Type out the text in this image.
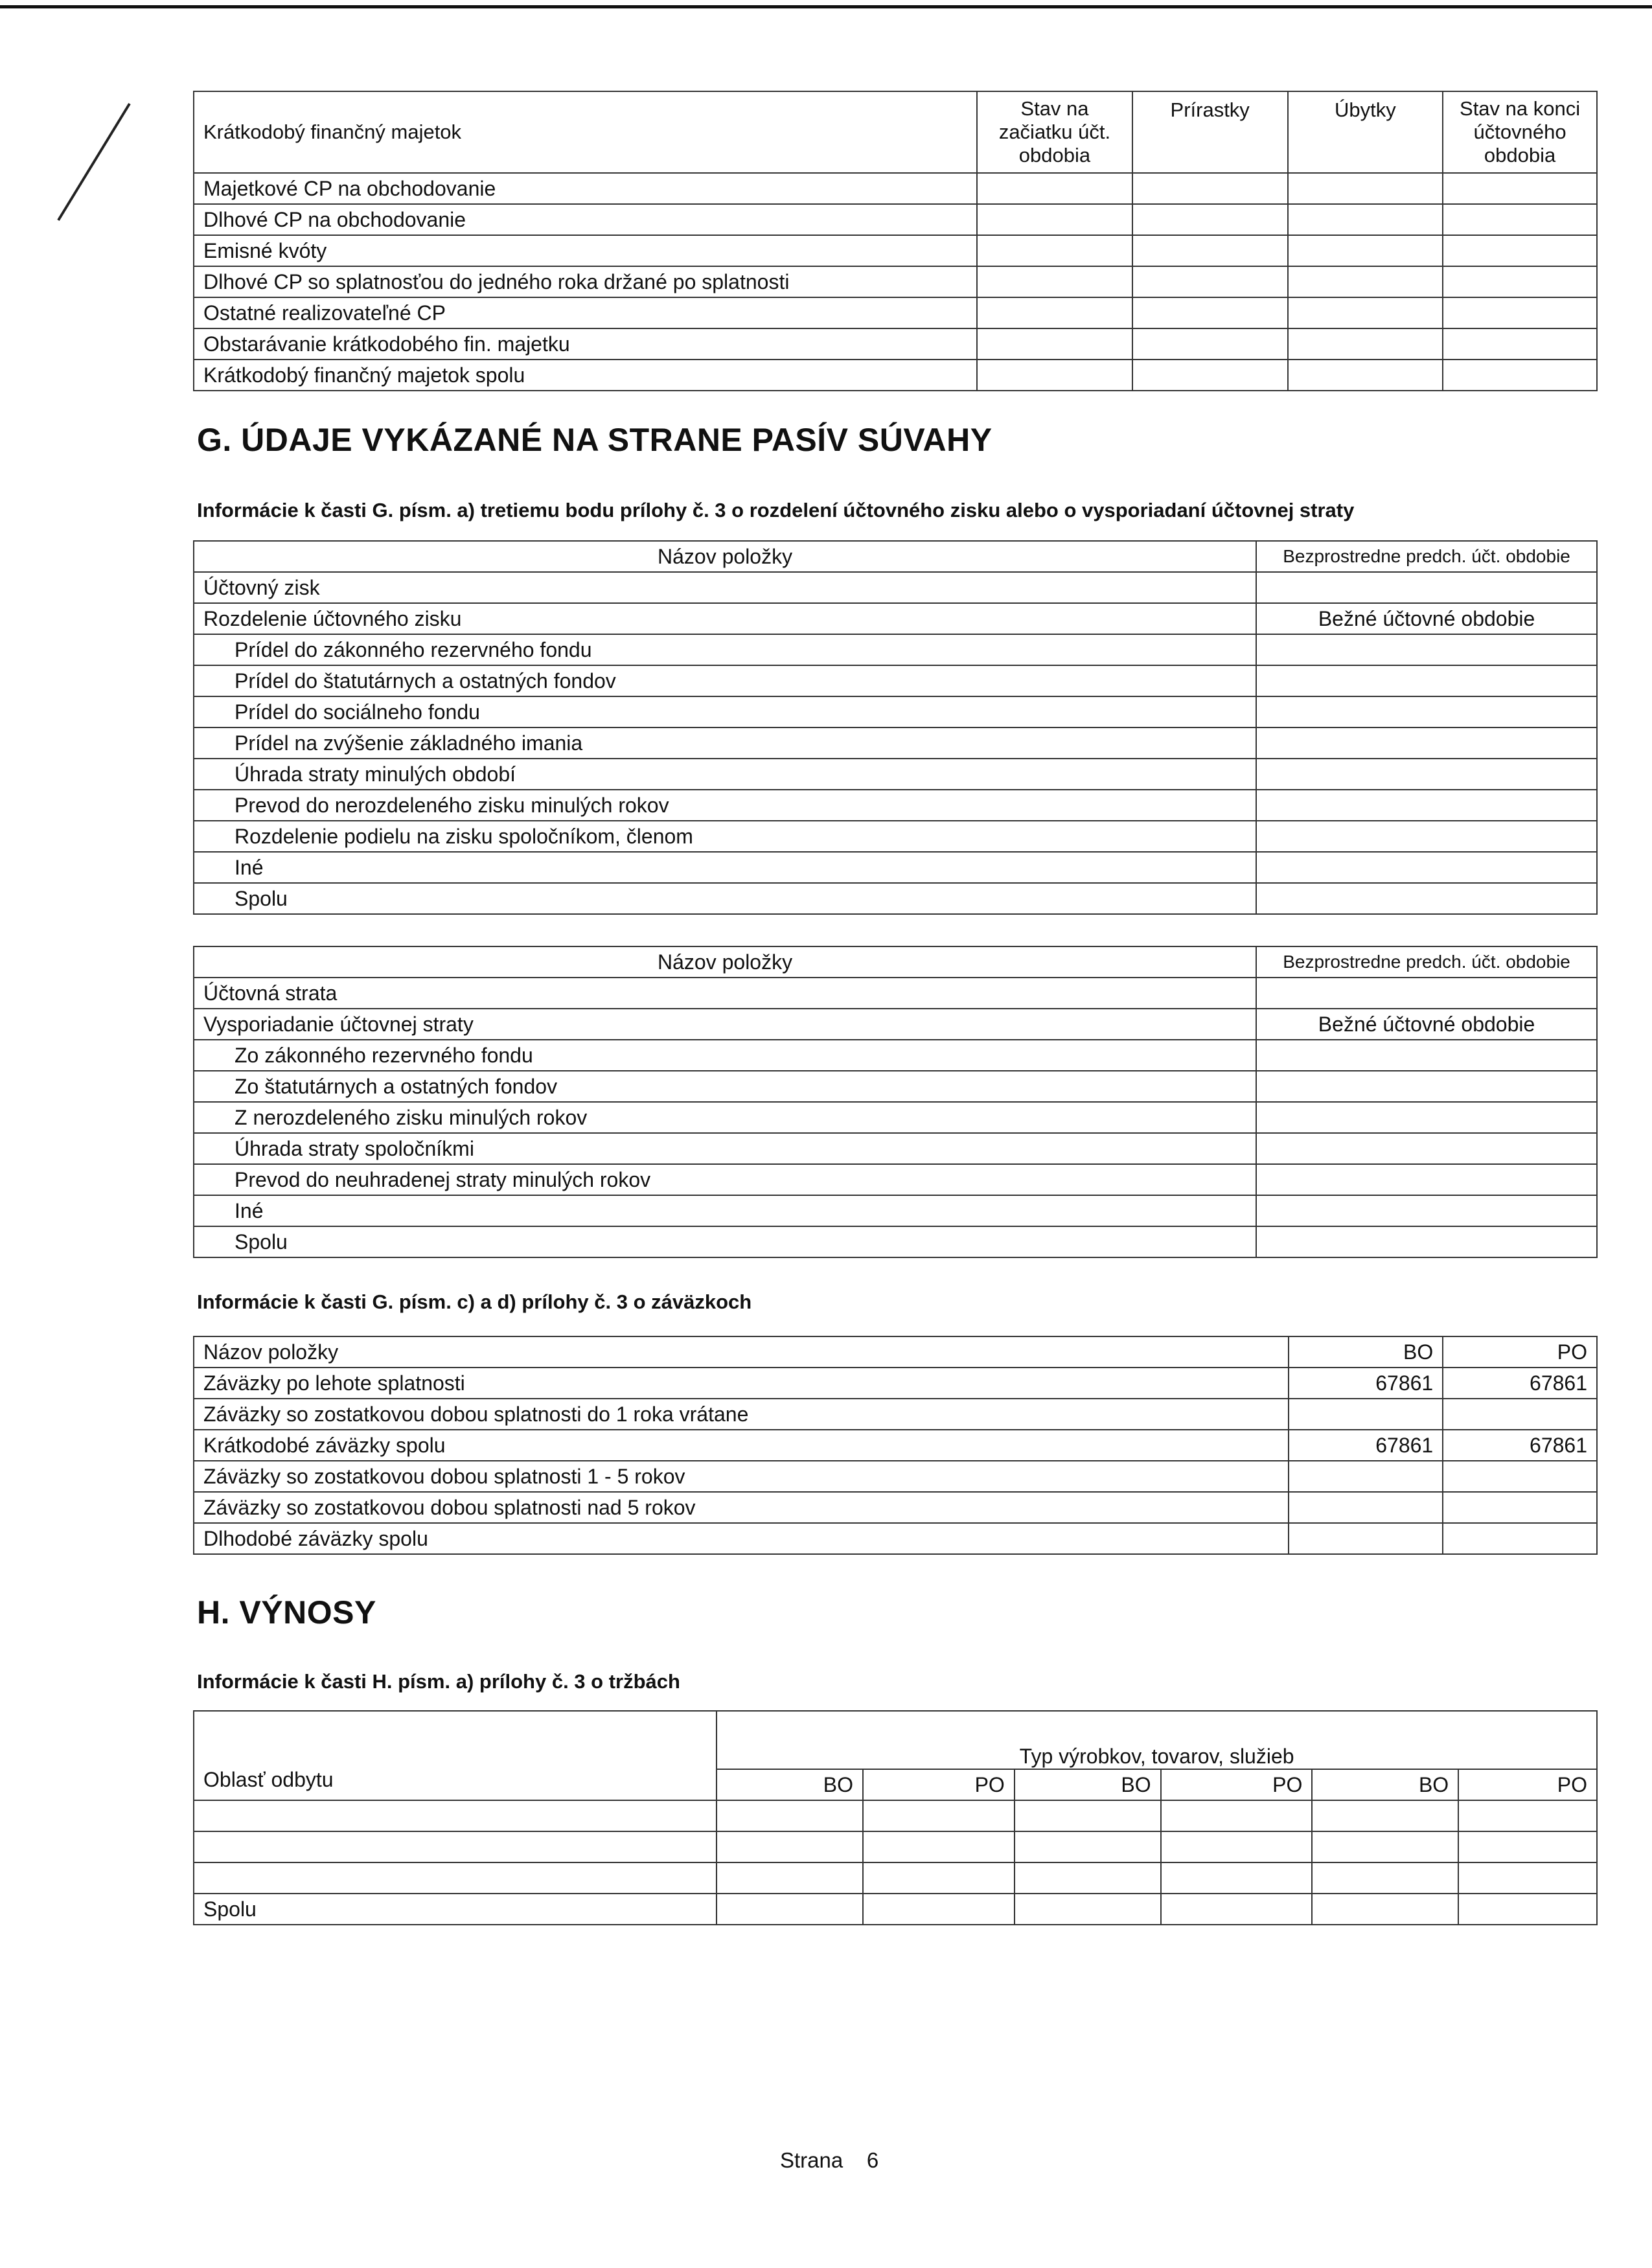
Krátkodobý finančný majetok	Stav na začiatku účt. obdobia	Prírastky	Úbytky	Stav na konci účtovného obdobia
Majetkové CP na obchodovanie				
Dlhové CP na obchodovanie				
Emisné kvóty				
Dlhové CP so splatnosťou do jedného roka držané po splatnosti				
Ostatné realizovateľné CP				
Obstarávanie krátkodobého fin. majetku				
Krátkodobý finančný majetok spolu				
G. ÚDAJE VYKÁZANÉ NA STRANE PASÍV SÚVAHY
Informácie k časti G. písm. a) tretiemu bodu prílohy č. 3 o rozdelení účtovného zisku alebo o vysporiadaní účtovnej straty
Názov položky	Bezprostredne predch. účt. obdobie
Účtovný zisk	
Rozdelenie účtovného zisku	Bežné účtovné obdobie
Prídel do zákonného rezervného fondu	
Prídel do štatutárnych a ostatných fondov	
Prídel do sociálneho fondu	
Prídel na zvýšenie základného imania	
Úhrada straty minulých období	
Prevod do nerozdeleného zisku minulých rokov	
Rozdelenie podielu na zisku spoločníkom, členom	
Iné	
Spolu	
Názov položky	Bezprostredne predch. účt. obdobie
Účtovná strata	
Vysporiadanie účtovnej straty	Bežné účtovné obdobie
Zo zákonného rezervného fondu	
Zo štatutárnych a ostatných fondov	
Z nerozdeleného zisku minulých rokov	
Úhrada straty spoločníkmi	
Prevod do neuhradenej straty minulých rokov	
Iné	
Spolu	
Informácie k časti G. písm. c) a d) prílohy č. 3 o záväzkoch
Názov položky	BO	PO
Záväzky po lehote splatnosti	67861	67861
Záväzky so zostatkovou dobou splatnosti do 1 roka vrátane		
Krátkodobé záväzky spolu	67861	67861
Záväzky so zostatkovou dobou splatnosti 1 - 5 rokov		
Záväzky so zostatkovou dobou splatnosti nad 5 rokov		
Dlhodobé záväzky spolu		
H. VÝNOSY
Informácie k časti H. písm. a) prílohy č. 3 o tržbách
Oblasť odbytu	Typ výrobkov, tovarov, služieb					
	BO	PO	BO	PO	BO	PO

Spolu						
Strana 6
